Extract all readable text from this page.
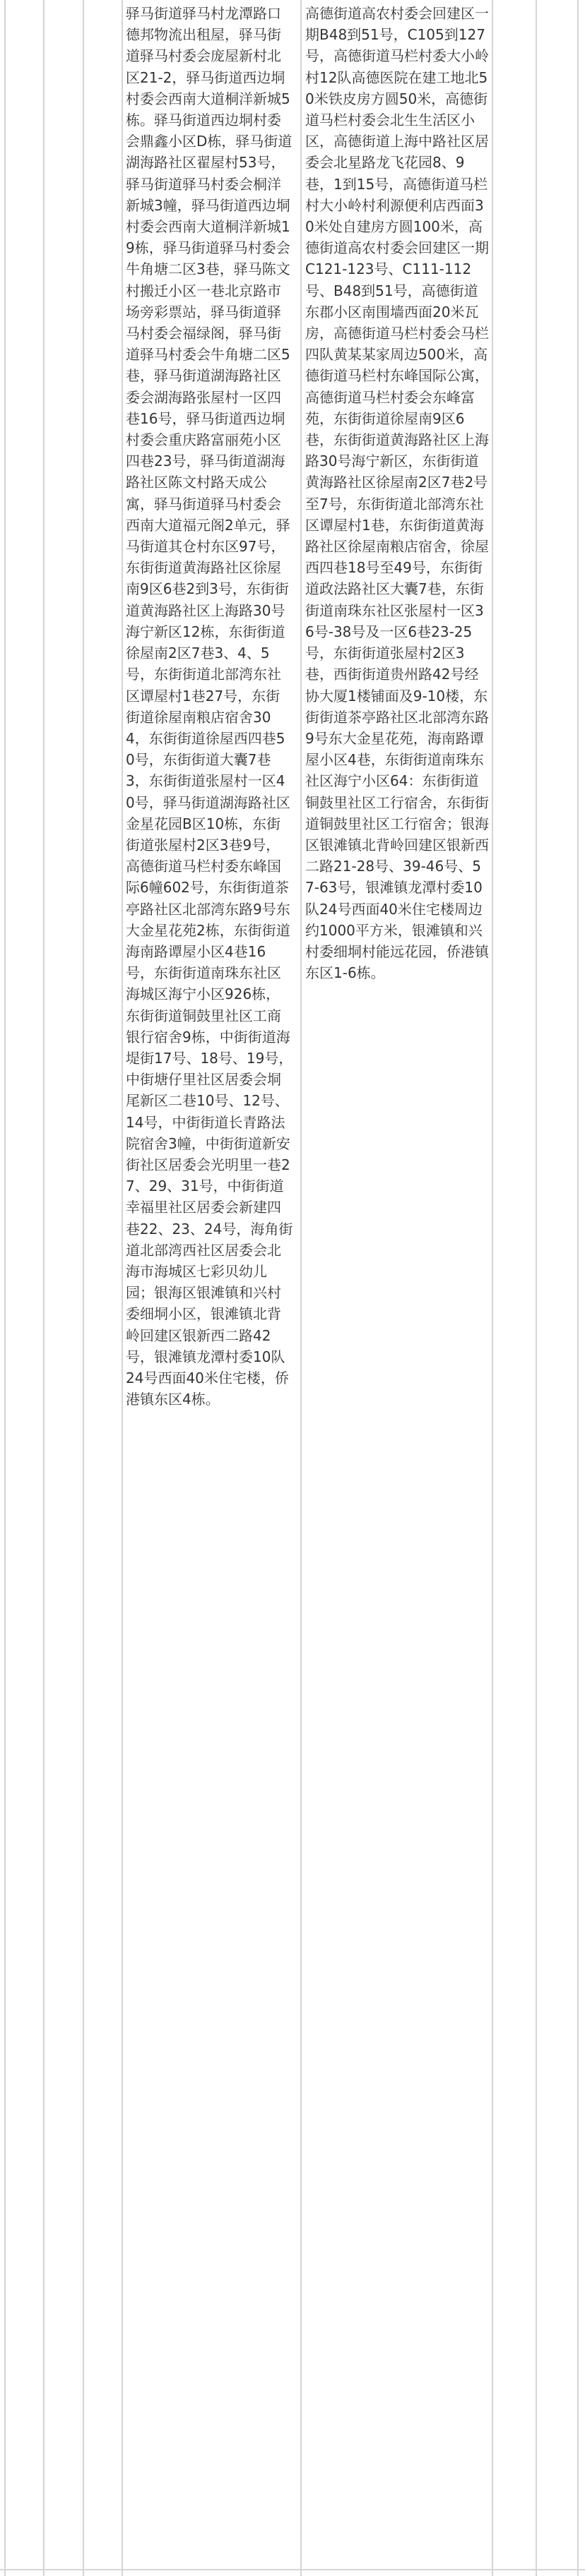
驿马街道驿马村龙潭路口德邦物流出租屋，驿马街道驿马村委会庞屋新村北区21-2，驿马街道西边垌村委会西南大道桐洋新城5栋。驿马街道西边垌村委会鼎鑫小区D栋，驿马街道湖海路社区翟屋村53号，驿马街道驿马村委会桐洋新城3幢，驿马街道西边垌村委会西南大道桐洋新城19栋，驿马街道驿马村委会牛角塘二区3巷，驿马陈文村搬迁小区一巷北京路市场旁彩票站，驿马街道驿马村委会福绿阁，驿马街道驿马村委会牛角塘二区5巷，驿马街道湖海路社区委会湖海路张屋村一区四巷16号，驿马街道西边垌村委会重庆路富丽苑小区四巷23号，驿马街道湖海路社区陈文村路天成公寓，驿马街道驿马村委会西南大道福元阁2单元，驿马街道其仓村东区97号，东街街道黄海路社区徐屋南9区6巷2到3号，东街街道黄海路社区上海路30号海宁新区12栋，东街街道徐屋南2区7巷3、4、5号，东街街道北部湾东社区谭屋村1巷27号，东街街道徐屋南粮店宿舍304，东街街道徐屋西四巷50号，东街街道大囊7巷3，东街街道张屋村一区40号，驿马街道湖海路社区金星花园B区10栋，东街街道张屋村2区3巷9号，高德街道马栏村委东峰国际6幢602号，东街街道茶亭路社区北部湾东路9号东大金星花苑2栋，东街街道海南路谭屋小区4巷16号，东街街道南珠东社区海城区海宁小区926栋，东街街道铜鼓里社区工商银行宿舍9栋，中街街道海堤街17号、18号、19号，中街塘仔里社区居委会垌尾新区二巷10号、12号、14号，中街街道长青路法院宿舍3幢，中街街道新安街社区居委会光明里一巷27、29、31号，中街街道幸福里社区居委会新建四巷22、23、24号，海角街道北部湾西社区居委会北海市海城区七彩贝幼儿园；银海区银滩镇和兴村委细垌小区，银滩镇北背岭回建区银新西二路42号，银滩镇龙潭村委10队24号西面40米住宅楼，侨港镇东区4栋。

高德街道高农村委会回建区一期B48到51号，C105到127号，高德街道马栏村委大小岭村12队高德医院在建工地北50米铁皮房方圆50米，高德街道马栏村委会北生生活区小区，高德街道上海中路社区居委会北星路龙飞花园8、9巷，1到15号，高德街道马栏村大小岭村利源便利店西面30米处自建房方圆100米，高德街道高农村委会回建区一期C121-123号、C111-112号、B48到51号，高德街道东郡小区南围墙西面20米瓦房，高德街道马栏村委会马栏四队黄某某家周边500米，高德街道马栏村东峰国际公寓，高德街道马栏村委会东峰富苑，东街街道徐屋南9区6巷，东街街道黄海路社区上海路30号海宁新区，东街街道黄海路社区徐屋南2区7巷2号至7号，东街街道北部湾东社区谭屋村1巷，东街街道黄海路社区徐屋南粮店宿舍，徐屋西四巷18号至49号，东街街道政法路社区大囊7巷，东街街道南珠东社区张屋村一区36号-38号及一区6巷23-25号，东街街道张屋村2区3巷，西街街道贵州路42号经协大厦1楼铺面及9-10楼，东街街道茶亭路社区北部湾东路9号东大金星花苑，海南路谭屋小区4巷，东街街道南珠东社区海宁小区64：东街街道铜鼓里社区工行宿舍，东街街道铜鼓里社区工行宿舍；银海区银滩镇北背岭回建区银新西二路21-28号、39-46号、57-63号，银滩镇龙潭村委10队24号西面40米住宅楼周边约1000平方米，银滩镇和兴村委细垌村能远花园，侨港镇东区1-6栋。
